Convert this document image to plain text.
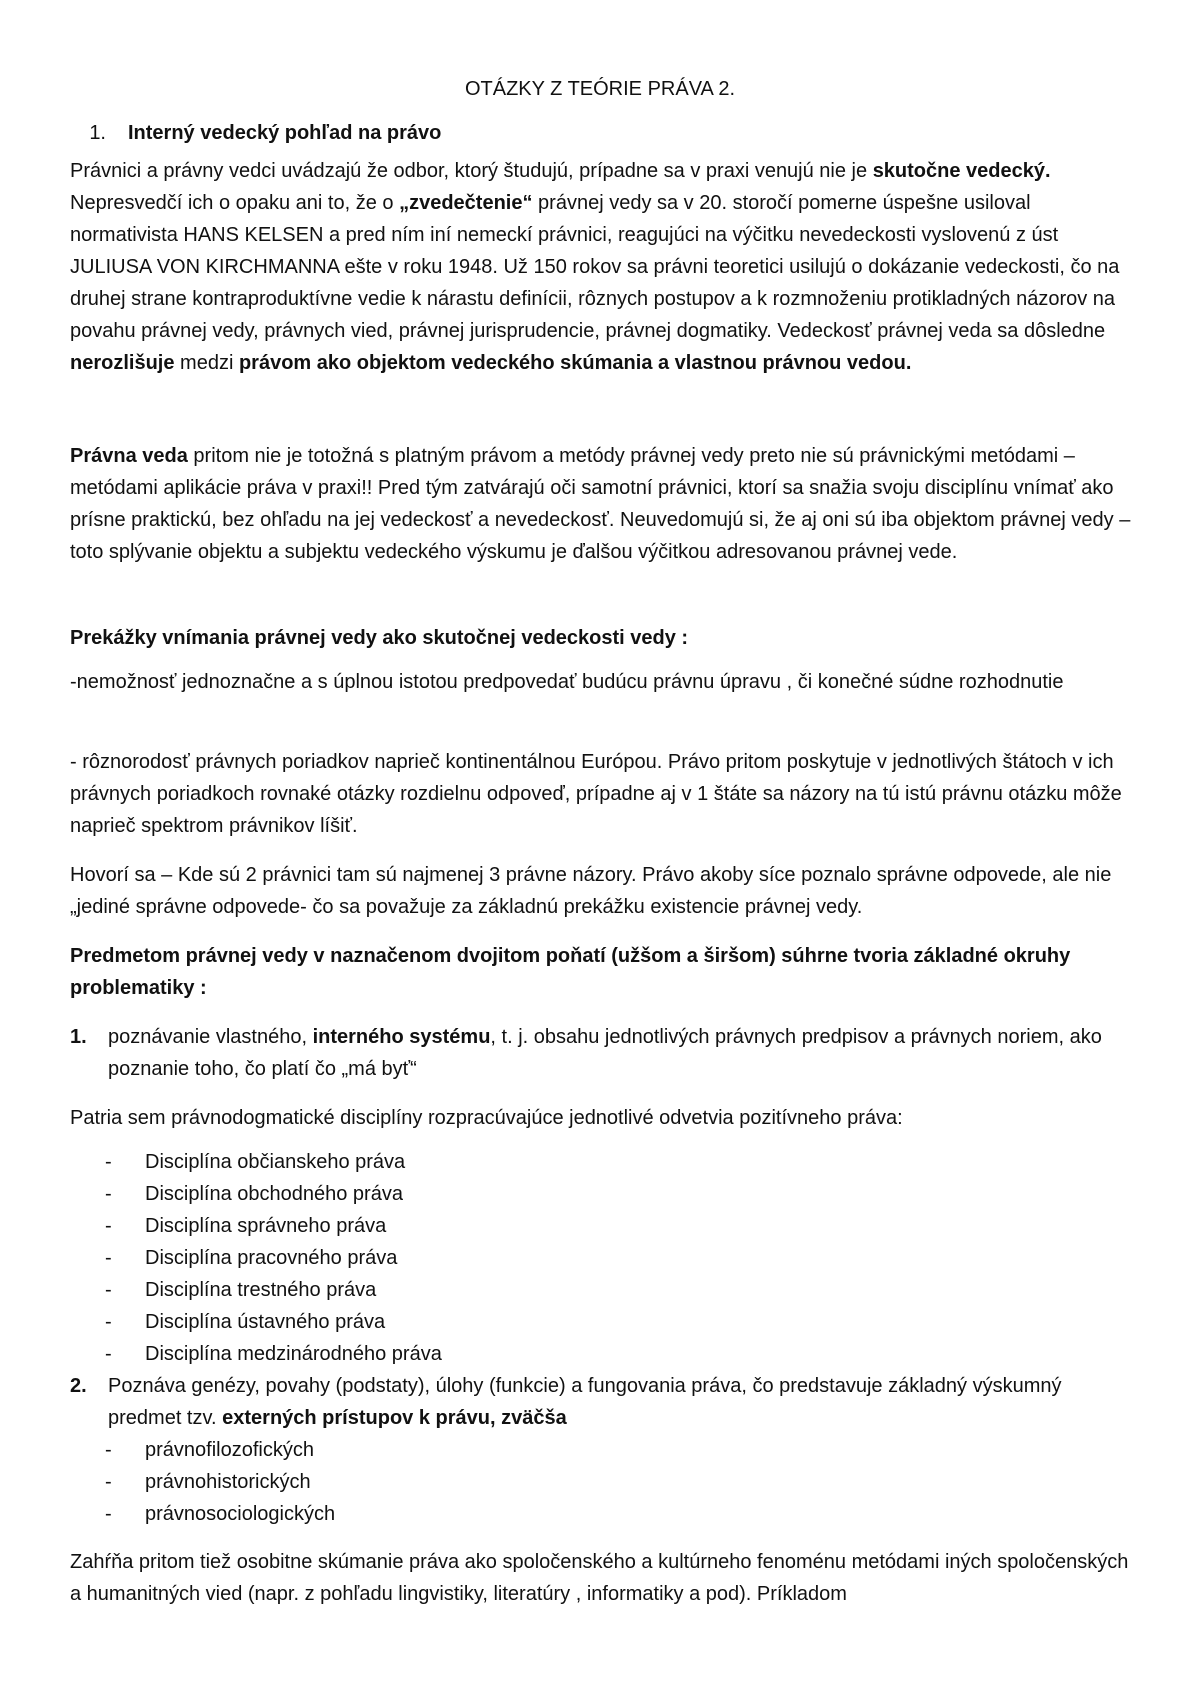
OTÁZKY Z TEÓRIE PRÁVA 2.
1. Interný vedecký pohľad na právo

Právnici a právny vedci uvádzajú že odbor, ktorý študujú, prípadne sa v praxi venujú nie je skutočne vedecký. Nepresvedčí ich o opaku ani to, že o „zvedečtenie“ právnej vedy sa v 20. storočí pomerne úspešne usiloval normativista HANS KELSEN a pred ním iní nemeckí právnici, reagujúci na výčitku nevedeckosti vyslovenú z úst JULIUSA VON KIRCHMANNA ešte v roku 1948. Už 150 rokov sa právni teoretici usilujú o dokázanie vedeckosti, čo na druhej strane kontraproduktívne vedie k nárastu definícii, rôznych postupov a k rozmnoženiu protikladných názorov na povahu právnej vedy, právnych vied, právnej jurisprudencie, právnej dogmatiky. Vedeckosť právnej veda sa dôsledne nerozlišuje medzi právom ako objektom vedeckého skúmania a vlastnou právnou vedou.

Právna veda pritom nie je totožná s platným právom a metódy právnej vedy preto nie sú právnickými metódami – metódami aplikácie práva v praxi!! Pred tým zatvárajú oči samotní právnici, ktorí sa snažia svoju disciplínu vnímať ako prísne praktickú, bez ohľadu na jej vedeckosť a nevedeckosť. Neuvedomujú si, že aj oni sú iba objektom právnej vedy – toto splývanie objektu a subjektu vedeckého výskumu je ďalšou výčitkou adresovanou právnej vede.

Prekážky vnímania právnej vedy ako skutočnej vedeckosti vedy :
-nemožnosť jednoznačne a s úplnou istotou predpovedať budúcu právnu úpravu , či konečné súdne rozhodnutie
- rôznorodosť právnych poriadkov naprieč kontinentálnou Európou. Právo pritom poskytuje v jednotlivých štátoch v ich právnych poriadkoch rovnaké otázky rozdielnu odpoveď, prípadne aj v 1 štáte sa názory na tú istú právnu otázku môže naprieč spektrom právnikov líšiť.
Hovorí sa – Kde sú 2 právnici tam sú najmenej 3 právne názory. Právo akoby síce poznalo správne odpovede, ale nie „jediné správne odpovede- čo sa považuje za základnú prekážku existencie právnej vedy.
Predmetom právnej vedy v naznačenom dvojitom poňatí (užšom a širšom) súhrne tvoria základné okruhy problematiky :
1.	poznávanie vlastného, interného systému, t. j. obsahu jednotlivých právnych predpisov a právnych noriem, ako poznanie toho, čo platí čo „má byť“
Patria sem právnodogmatické disciplíny rozpracúvajúce jednotlivé odvetvia pozitívneho práva:
- Disciplína občianskeho práva
- Disciplína obchodného práva
- Disciplína správneho práva
- Disciplína pracovného práva
- Disciplína trestného práva
- Disciplína ústavného práva
- Disciplína medzinárodného práva
2.	Poznáva genézy, povahy (podstaty), úlohy (funkcie) a fungovania práva, čo predstavuje základný výskumný predmet tzv. externých prístupov k právu, zväčša
- právnofilozofických
- právnohistorických
- právnosociologických
Zahŕňa pritom tiež osobitne skúmanie práva ako spoločenského a kultúrneho fenoménu metódami iných spoločenských a humanitných vied (napr. z pohľadu lingvistiky, literatúry , informatiky a pod). Príkladom
